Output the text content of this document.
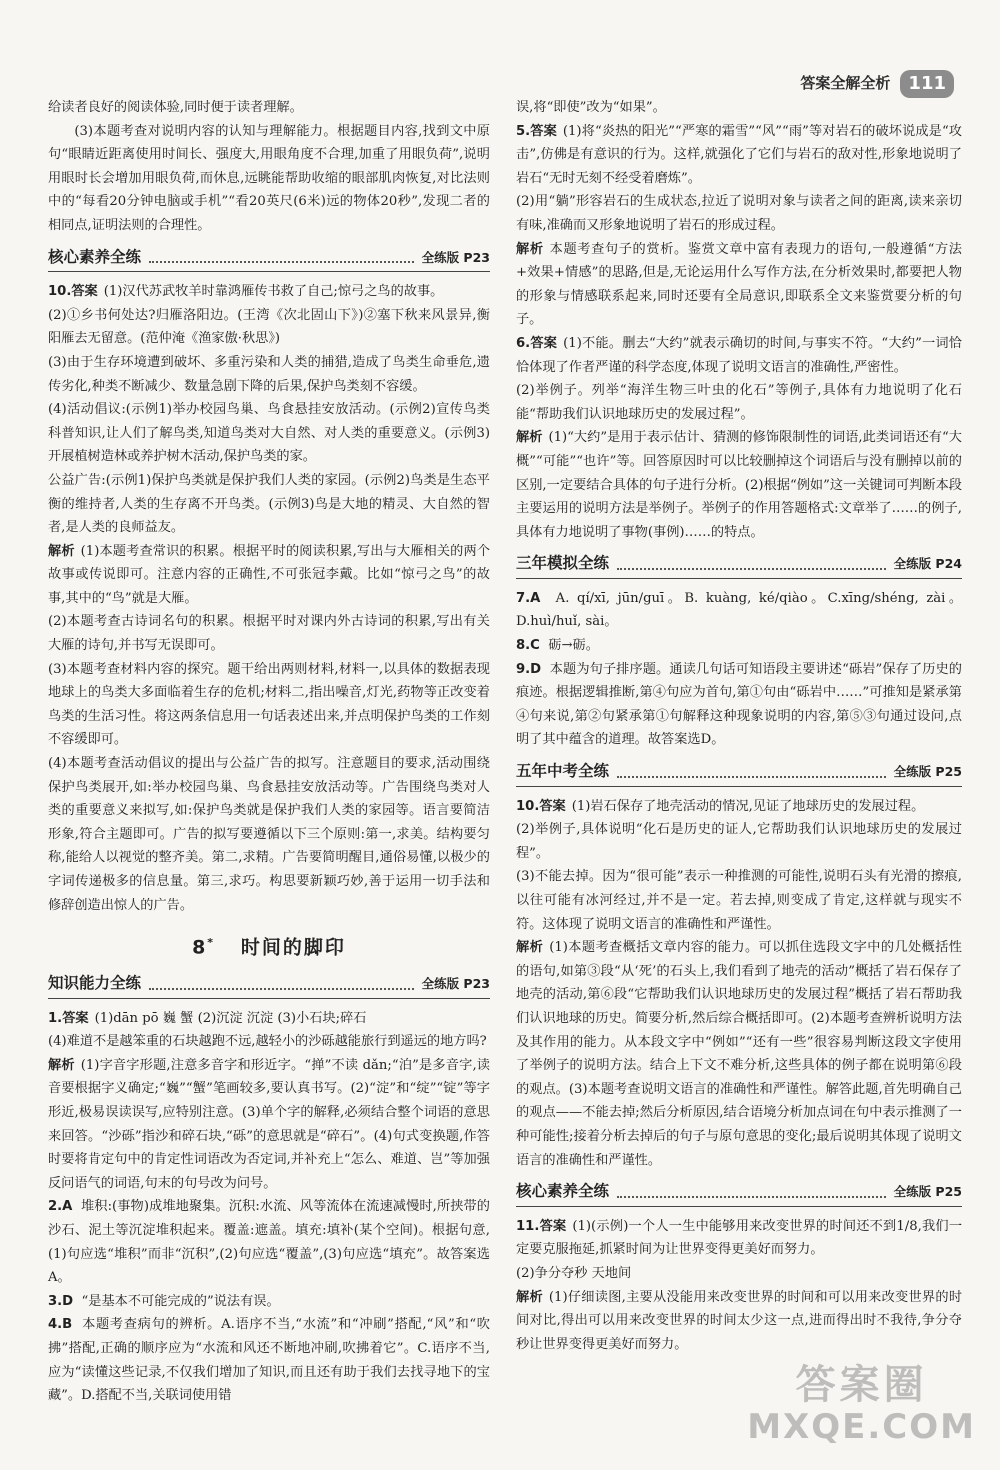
答案全解全析	111

给读者良好的阅读体验,同时便于读者理解。

(3)本题考查对说明内容的认知与理解能力。根据题目内容,找到文中原句“眼睛近距离使用时间长、强度大,用眼角度不合理,加重了用眼负荷”,说明用眼时长会增加用眼负荷,而休息,远眺能帮助收缩的眼部肌肉恢复,对比法则中的“每看20分钟电脑或手机”“看20英尺(6米)远的物体20秒”,发现二者的相同点,证明法则的合理性。

核心素养全练	全练版 P23

10.答案 (1)汉代苏武牧羊时靠鸿雁传书救了自己;惊弓之鸟的故事。

(2)①乡书何处达?归雁洛阳边。(王湾《次北固山下》)②塞下秋来风景异,衡阳雁去无留意。(范仲淹《渔家傲·秋思》)

(3)由于生存环境遭到破坏、多重污染和人类的捕猎,造成了鸟类生命垂危,遗传劣化,种类不断减少、数量急剧下降的后果,保护鸟类刻不容缓。

(4)活动倡议:(示例1)举办校园鸟巢、鸟食悬挂安放活动。(示例2)宣传鸟类科普知识,让人们了解鸟类,知道鸟类对大自然、对人类的重要意义。(示例3)开展植树造林或养护树木活动,保护鸟类的家。

公益广告:(示例1)保护鸟类就是保护我们人类的家园。(示例2)鸟类是生态平衡的维持者,人类的生存离不开鸟类。(示例3)鸟是大地的精灵、大自然的智者,是人类的良师益友。

解析 (1)本题考查常识的积累。根据平时的阅读积累,写出与大雁相关的两个故事或传说即可。注意内容的正确性,不可张冠李戴。比如“惊弓之鸟”的故事,其中的“鸟”就是大雁。

(2)本题考查古诗词名句的积累。根据平时对课内外古诗词的积累,写出有关大雁的诗句,并书写无误即可。

(3)本题考查材料内容的探究。题干给出两则材料,材料一,以具体的数据表现地球上的鸟类大多面临着生存的危机;材料二,指出噪音,灯光,药物等正改变着鸟类的生活习性。将这两条信息用一句话表述出来,并点明保护鸟类的工作刻不容缓即可。

(4)本题考查活动倡议的提出与公益广告的拟写。注意题目的要求,活动围绕保护鸟类展开,如:举办校园鸟巢、鸟食悬挂安放活动等。广告围绕鸟类对人类的重要意义来拟写,如:保护鸟类就是保护我们人类的家园等。语言要简洁形象,符合主题即可。广告的拟写要遵循以下三个原则:第一,求美。结构要匀称,能给人以视觉的整齐美。第二,求精。广告要简明醒目,通俗易懂,以极少的字词传递极多的信息量。第三,求巧。构思要新颖巧妙,善于运用一切手法和修辞创造出惊人的广告。

8* 时间的脚印
知识能力全练	全练版 P23

1.答案 (1)dān pō 巍 蟹 (2)沉淀 沉淀 (3)小石块;碎石

(4)难道不是越笨重的石块越跑不远,越轻小的沙砾越能旅行到遥远的地方吗?

解析 (1)字音字形题,注意多音字和形近字。“掸”不读 dǎn;“泊”是多音字,读音要根据字义确定;“巍”“蟹”笔画较多,要认真书写。(2)“淀”和“绽”“锭”等字形近,极易误读误写,应特别注意。(3)单个字的解释,必须结合整个词语的意思来回答。“沙砾”指沙和碎石块,“砾”的意思就是“碎石”。(4)句式变换题,作答时要将肯定句中的肯定性词语改为否定词,并补充上“怎么、难道、岂”等加强反问语气的词语,句末的句号改为问号。

2.A 堆积:(事物)成堆地聚集。沉积:水流、风等流体在流速减慢时,所挟带的沙石、泥土等沉淀堆积起来。覆盖:遮盖。填充:填补(某个空间)。根据句意,(1)句应选“堆积”而非“沉积”,(2)句应选“覆盖”,(3)句应选“填充”。故答案选A。

3.D “是基本不可能完成的”说法有误。

4.B 本题考查病句的辨析。A.语序不当,“水流”和“冲刷”搭配,“风”和“吹拂”搭配,正确的顺序应为“水流和风还不断地冲刷,吹拂着它”。C.语序不当,应为“读懂这些记录,不仅我们增加了知识,而且还有助于我们去找寻地下的宝藏”。D.搭配不当,关联词使用错

误,将“即使”改为“如果”。

5.答案 (1)将“炎热的阳光”“严寒的霜雪”“风”“雨”等对岩石的破坏说成是“攻击”,仿佛是有意识的行为。这样,就强化了它们与岩石的敌对性,形象地说明了岩石“无时无刻不经受着磨炼”。

(2)用“躺”形容岩石的生成状态,拉近了说明对象与读者之间的距离,读来亲切有味,准确而又形象地说明了岩石的形成过程。

解析 本题考查句子的赏析。鉴赏文章中富有表现力的语句,一般遵循“方法+效果+情感”的思路,但是,无论运用什么写作方法,在分析效果时,都要把人物的形象与情感联系起来,同时还要有全局意识,即联系全文来鉴赏要分析的句子。

6.答案 (1)不能。删去“大约”就表示确切的时间,与事实不符。“大约”一词恰恰体现了作者严谨的科学态度,体现了说明文语言的准确性,严密性。

(2)举例子。列举“海洋生物三叶虫的化石”等例子,具体有力地说明了化石能“帮助我们认识地球历史的发展过程”。

解析 (1)“大约”是用于表示估计、猜测的修饰限制性的词语,此类词语还有“大概”“可能”“也许”等。回答原因时可以比较删掉这个词语后与没有删掉以前的区别,一定要结合具体的句子进行分析。(2)根据“例如”这一关键词可判断本段主要运用的说明方法是举例子。举例子的作用答题格式:文章举了……的例子,具体有力地说明了事物(事例)……的特点。

三年模拟全练	全练版 P24

7.A A. qí/xī, jūn/guī。B. kuàng, ké/qiào。C.xīng/shéng, zài。D.huì/huǐ, sài。

8.C 砺→砺。

9.D 本题为句子排序题。通读几句话可知语段主要讲述“砾岩”保存了历史的痕迹。根据逻辑推断,第④句应为首句,第①句由“砾岩中……”可推知是紧承第④句来说,第②句紧承第①句解释这种现象说明的内容,第⑤③句通过设问,点明了其中蕴含的道理。故答案选D。

五年中考全练	全练版 P25

10.答案 (1)岩石保存了地壳活动的情况,见证了地球历史的发展过程。

(2)举例子,具体说明“化石是历史的证人,它帮助我们认识地球历史的发展过程”。

(3)不能去掉。因为“很可能”表示一种推测的可能性,说明石头有光滑的擦痕,以往可能有冰河经过,并不是一定。若去掉,则变成了肯定,这样就与现实不符。这体现了说明文语言的准确性和严谨性。

解析 (1)本题考查概括文章内容的能力。可以抓住选段文字中的几处概括性的语句,如第③段“从‘死’的石头上,我们看到了地壳的活动”概括了岩石保存了地壳的活动,第⑥段“它帮助我们认识地球历史的发展过程”概括了岩石帮助我们认识地球的历史。简要分析,然后综合概括即可。(2)本题考查辨析说明方法及其作用的能力。从本段文字中“例如”“还有一些”很容易判断这段文字使用了举例子的说明方法。结合上下文不难分析,这些具体的例子都在说明第⑥段的观点。(3)本题考查说明文语言的准确性和严谨性。解答此题,首先明确自己的观点——不能去掉;然后分析原因,结合语境分析加点词在句中表示推测了一种可能性;接着分析去掉后的句子与原句意思的变化;最后说明其体现了说明文语言的准确性和严谨性。

核心素养全练	全练版 P25

11.答案 (1)(示例)一个人一生中能够用来改变世界的时间还不到1/8,我们一定要克服拖延,抓紧时间为让世界变得更美好而努力。

(2)争分夺秒 天地间

解析 (1)仔细读图,主要从没能用来改变世界的时间和可以用来改变世界的时间对比,得出可以用来改变世界的时间太少这一点,进而得出时不我待,争分夺秒让世界变得更美好而努力。

答案圈
MXQE.COM
